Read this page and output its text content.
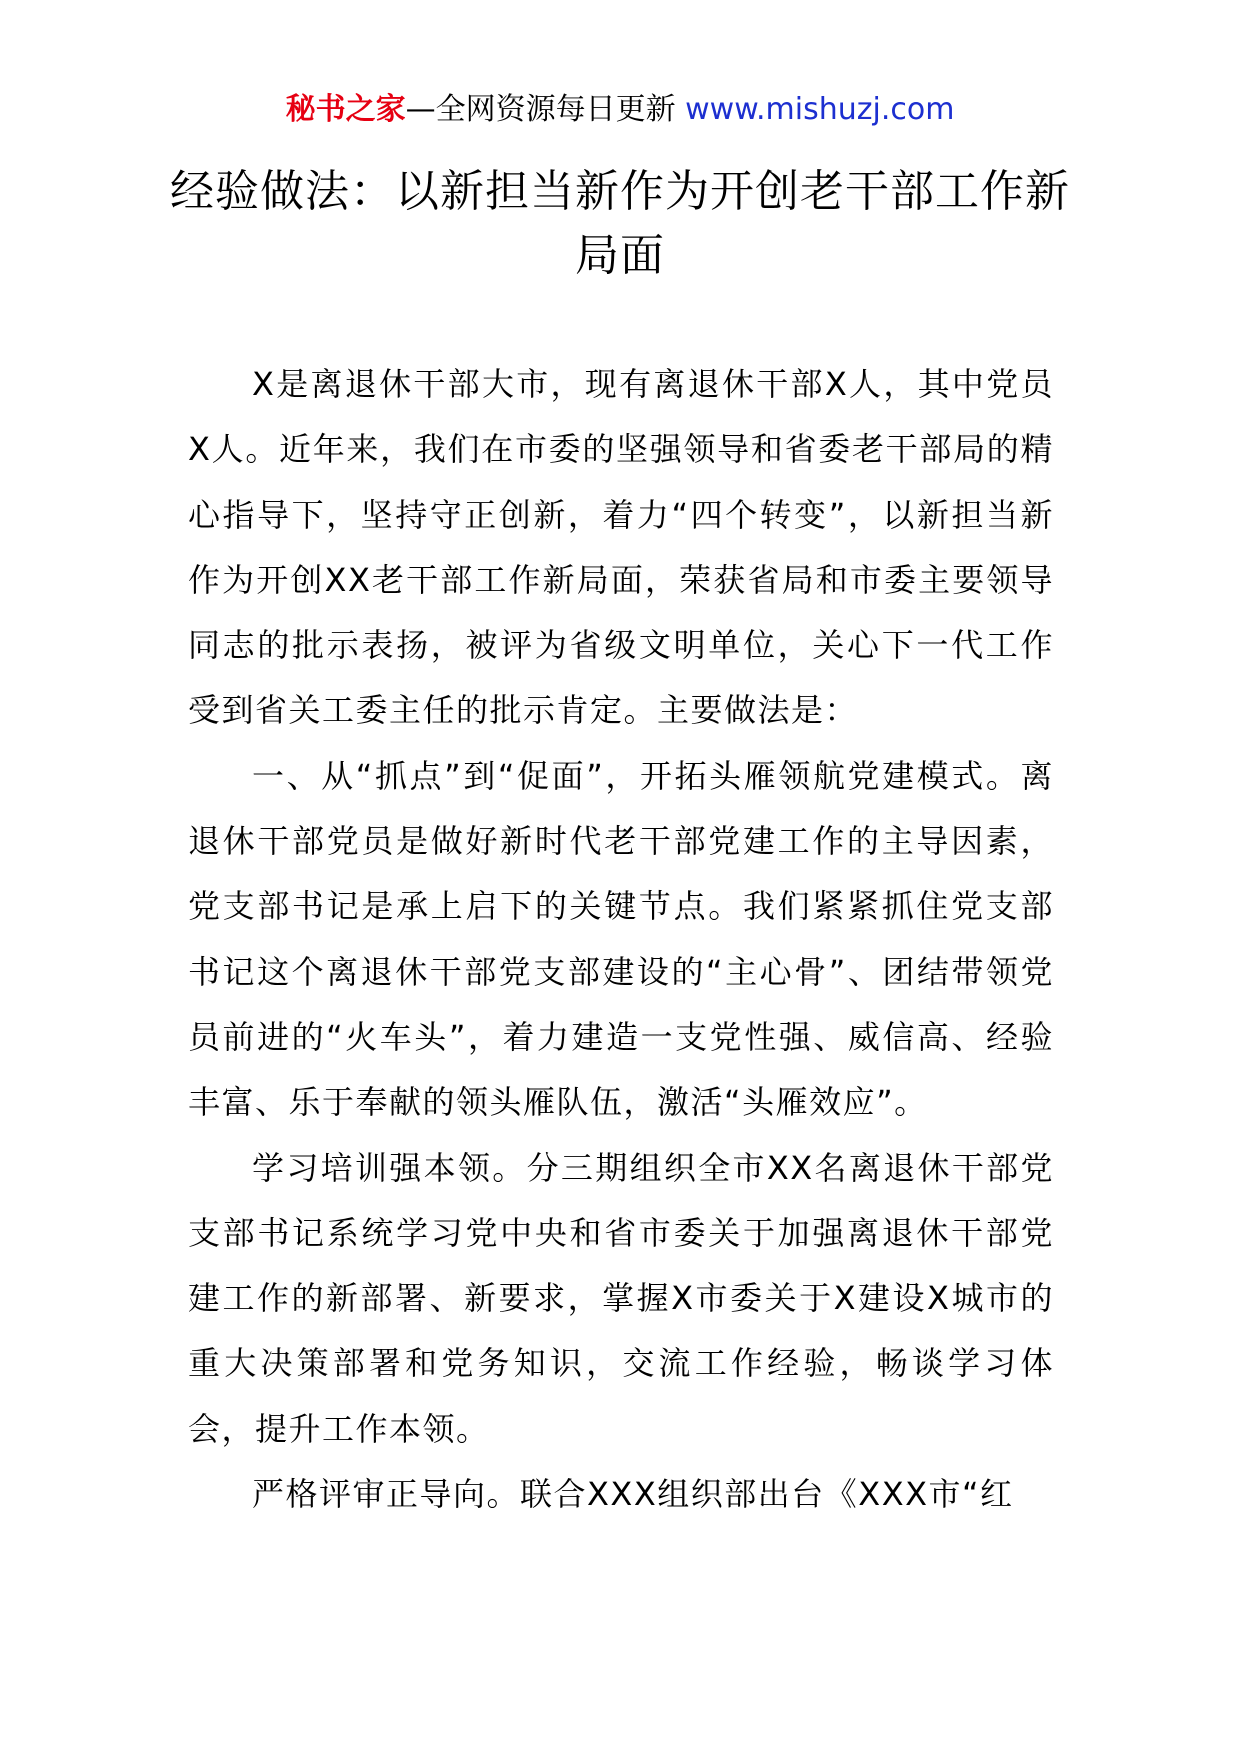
秘书之家—全网资源每日更新 www.mishuzj.com
经验做法：以新担当新作为开创老干部工作新局面

X是离退休干部大市，现有离退休干部X人，其中党员X人。近年来，我们在市委的坚强领导和省委老干部局的精心指导下，坚持守正创新，着力“四个转变”，以新担当新作为开创XX老干部工作新局面，荣获省局和市委主要领导同志的批示表扬，被评为省级文明单位，关心下一代工作受到省关工委主任的批示肯定。主要做法是：

一、从“抓点”到“促面”，开拓头雁领航党建模式。离退休干部党员是做好新时代老干部党建工作的主导因素，党支部书记是承上启下的关键节点。我们紧紧抓住党支部书记这个离退休干部党支部建设的“主心骨”、团结带领党员前进的“火车头”，着力建造一支党性强、威信高、经验丰富、乐于奉献的领头雁队伍，激活“头雁效应”。

学习培训强本领。分三期组织全市XX名离退休干部党支部书记系统学习党中央和省市委关于加强离退休干部党建工作的新部署、新要求，掌握X市委关于X建设X城市的重大决策部署和党务知识，交流工作经验，畅谈学习体会，提升工作本领。

严格评审正导向。联合XXX组织部出台《XXX市“红
